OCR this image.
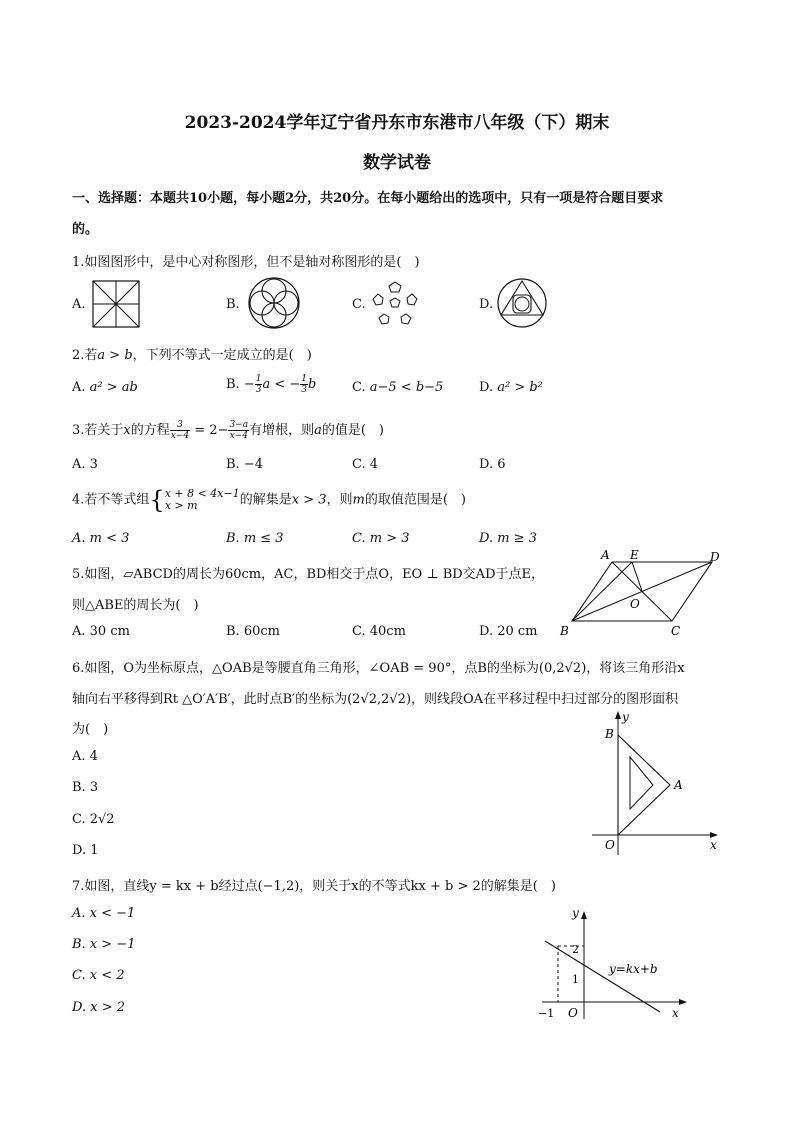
2023-2024学年辽宁省丹东市东港市八年级（下）期末
数学试卷
一、选择题：本题共10小题，每小题2分，共20分。在每小题给出的选项中，只有一项是符合题目要求
的。
1.如图图形中，是中心对称图形，但不是轴对称图形的是(　)
A.	B.	C.	D.
2.若a > b，下列不等式一定成立的是(　)
A. a² > ab	B. − $\frac{1}{3}$ a < − $\frac{1}{3}$ b	C. a−5 < b−5	D. a² > b²
3.若关于x的方程 $\frac{3}{x-4} = 2- \frac{3-a}{x-4}$ 有增根，则a的值是(　)
A. 3	B. −4	C. 4	D. 6
4.若不等式组{ x + 8 < 4x−1
x > m	的解集是x > 3，则m的取值范围是(　)
A. m < 3	B. m ≤ 3	C. m > 3	D. m ≥ 3
5.如图，▱ABCD的周长为60cm，AC，BD相交于点O，EO ⊥ BD交AD于点E，
则△ABE的周长为(　)
A. 30 cm	B. 60cm	C. 40cm	D. 20 cm
A E	D
O
B	C
6.如图，O为坐标原点，△OAB是等腰直角三角形，∠OAB = 90°，点B的坐标为(0,2√2)，将该三角形沿x
轴向右平移得到Rt △O′A′B′，此时点B′的坐标为(2√2,2√2)，则线段OA在平移过程中扫过部分的图形面积
为(　)
A. 4
B. 3
C. 2√2
D. 1
y
B
A
O	x
7.如图，直线y = kx + b经过点(−1,2)，则关于x的不等式kx + b > 2的解集是(　)
A. x < −1
B. x > −1
C. x < 2
D. x > 2
y
2
1
y=kx+b
−1 O	x
